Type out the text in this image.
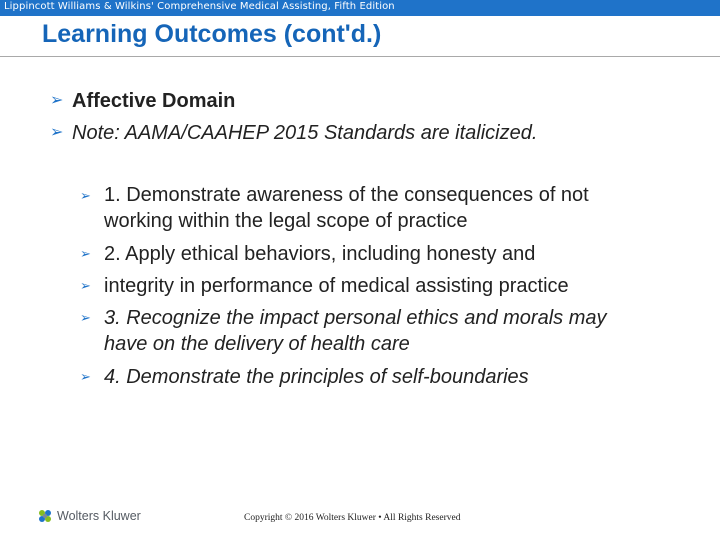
Lippincott Williams & Wilkins' Comprehensive Medical Assisting, Fifth Edition
Learning Outcomes (cont'd.)
➢ Affective Domain
➢ Note: AAMA/CAAHEP 2015 Standards are italicized.
➢ 1. Demonstrate awareness of the consequences of not
working within the legal scope of practice
➢ 2. Apply ethical behaviors, including honesty and
➢ integrity in performance of medical assisting practice
➢ 3. Recognize the impact personal ethics and morals may
have on the delivery of health care
➢ 4. Demonstrate the principles of self-boundaries
Wolters Kluwer	Copyright © 2016 Wolters Kluwer • All Rights Reserved
